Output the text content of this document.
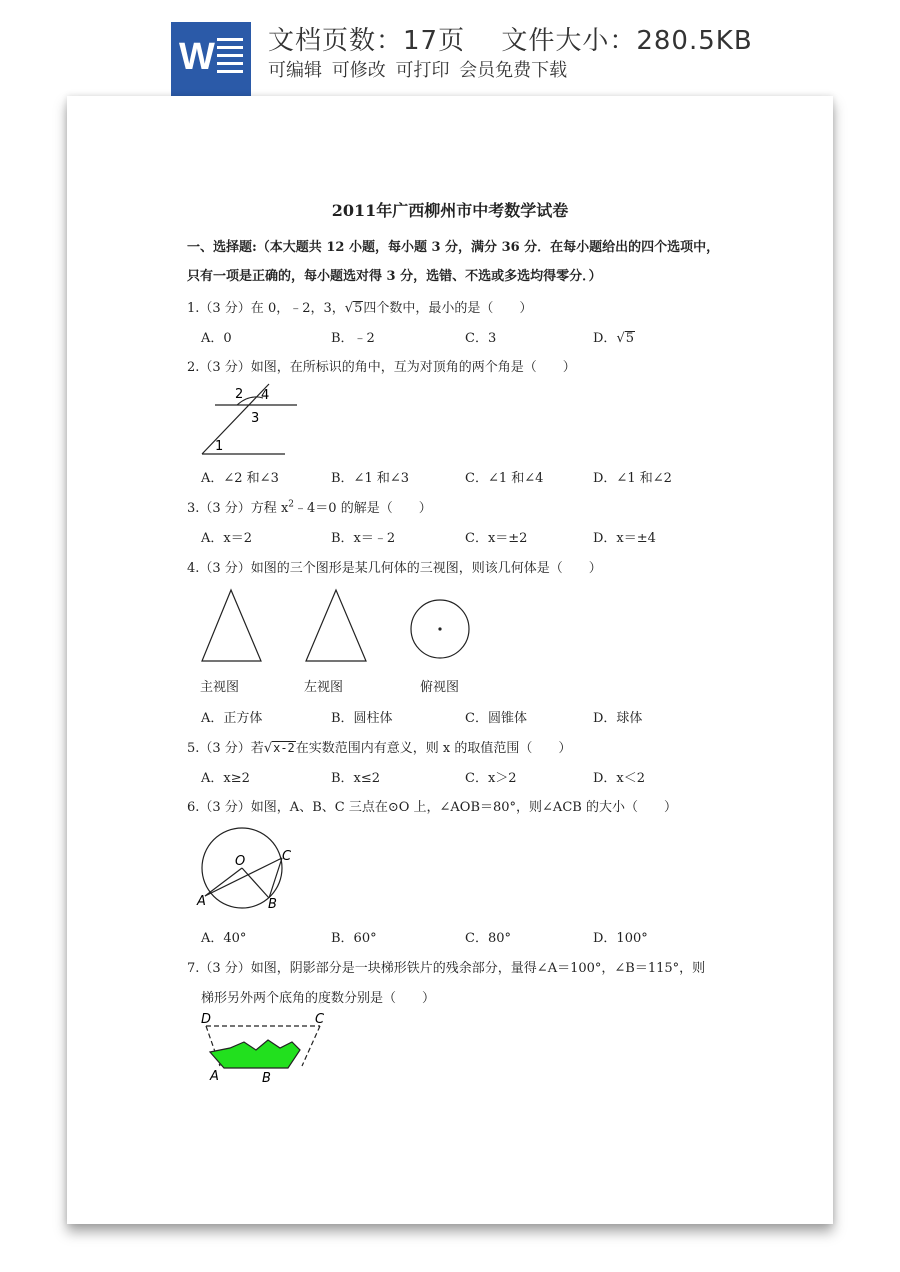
W 文档页数：17页　 文件大小：280.5KB
可编辑 可修改 可打印 会员免费下载
2011年广西柳州市中考数学试卷
一、选择题:（本大题共 12 小题，每小题 3 分，满分 36 分．在每小题给出的四个选项中，
只有一项是正确的，每小题选对得 3 分，选错、不选或多选均得零分．）
1.（3 分）在 0，﹣2，3，√5四个数中，最小的是（　　）
A．0	B．﹣2	C．3	D．√5
2.（3 分）如图，在所标识的角中，互为对顶角的两个角是（　　）
2 4
3
1
A．∠2 和∠3	B．∠1 和∠3	C．∠1 和∠4	D．∠1 和∠2
3.（3 分）方程 $x^2﹣4=0$ 的解是（　　）
A．x＝2	B．x＝﹣2	C．x＝±2	D．x＝±4
4.（3 分）如图的三个图形是某几何体的三视图，则该几何体是（　　）
主视图	左视图	俯视图
A．正方体	B．圆柱体	C．圆锥体	D．球体
5.（3 分）若√x-2在实数范围内有意义，则 x 的取值范围（　　）
A．x≥2	B．x≤2	C．x＞2	D．x＜2
6.（3 分）如图，A、B、C 三点在⊙O 上，∠AOB＝80°，则∠ACB 的大小（　　）
O	C
A	B
A．40°	B．60°	C．80°	D．100°
7.（3 分）如图，阴影部分是一块梯形铁片的残余部分，量得∠A＝100°，∠B＝115°，则
梯形另外两个底角的度数分别是（　　）
D	C
A	B
